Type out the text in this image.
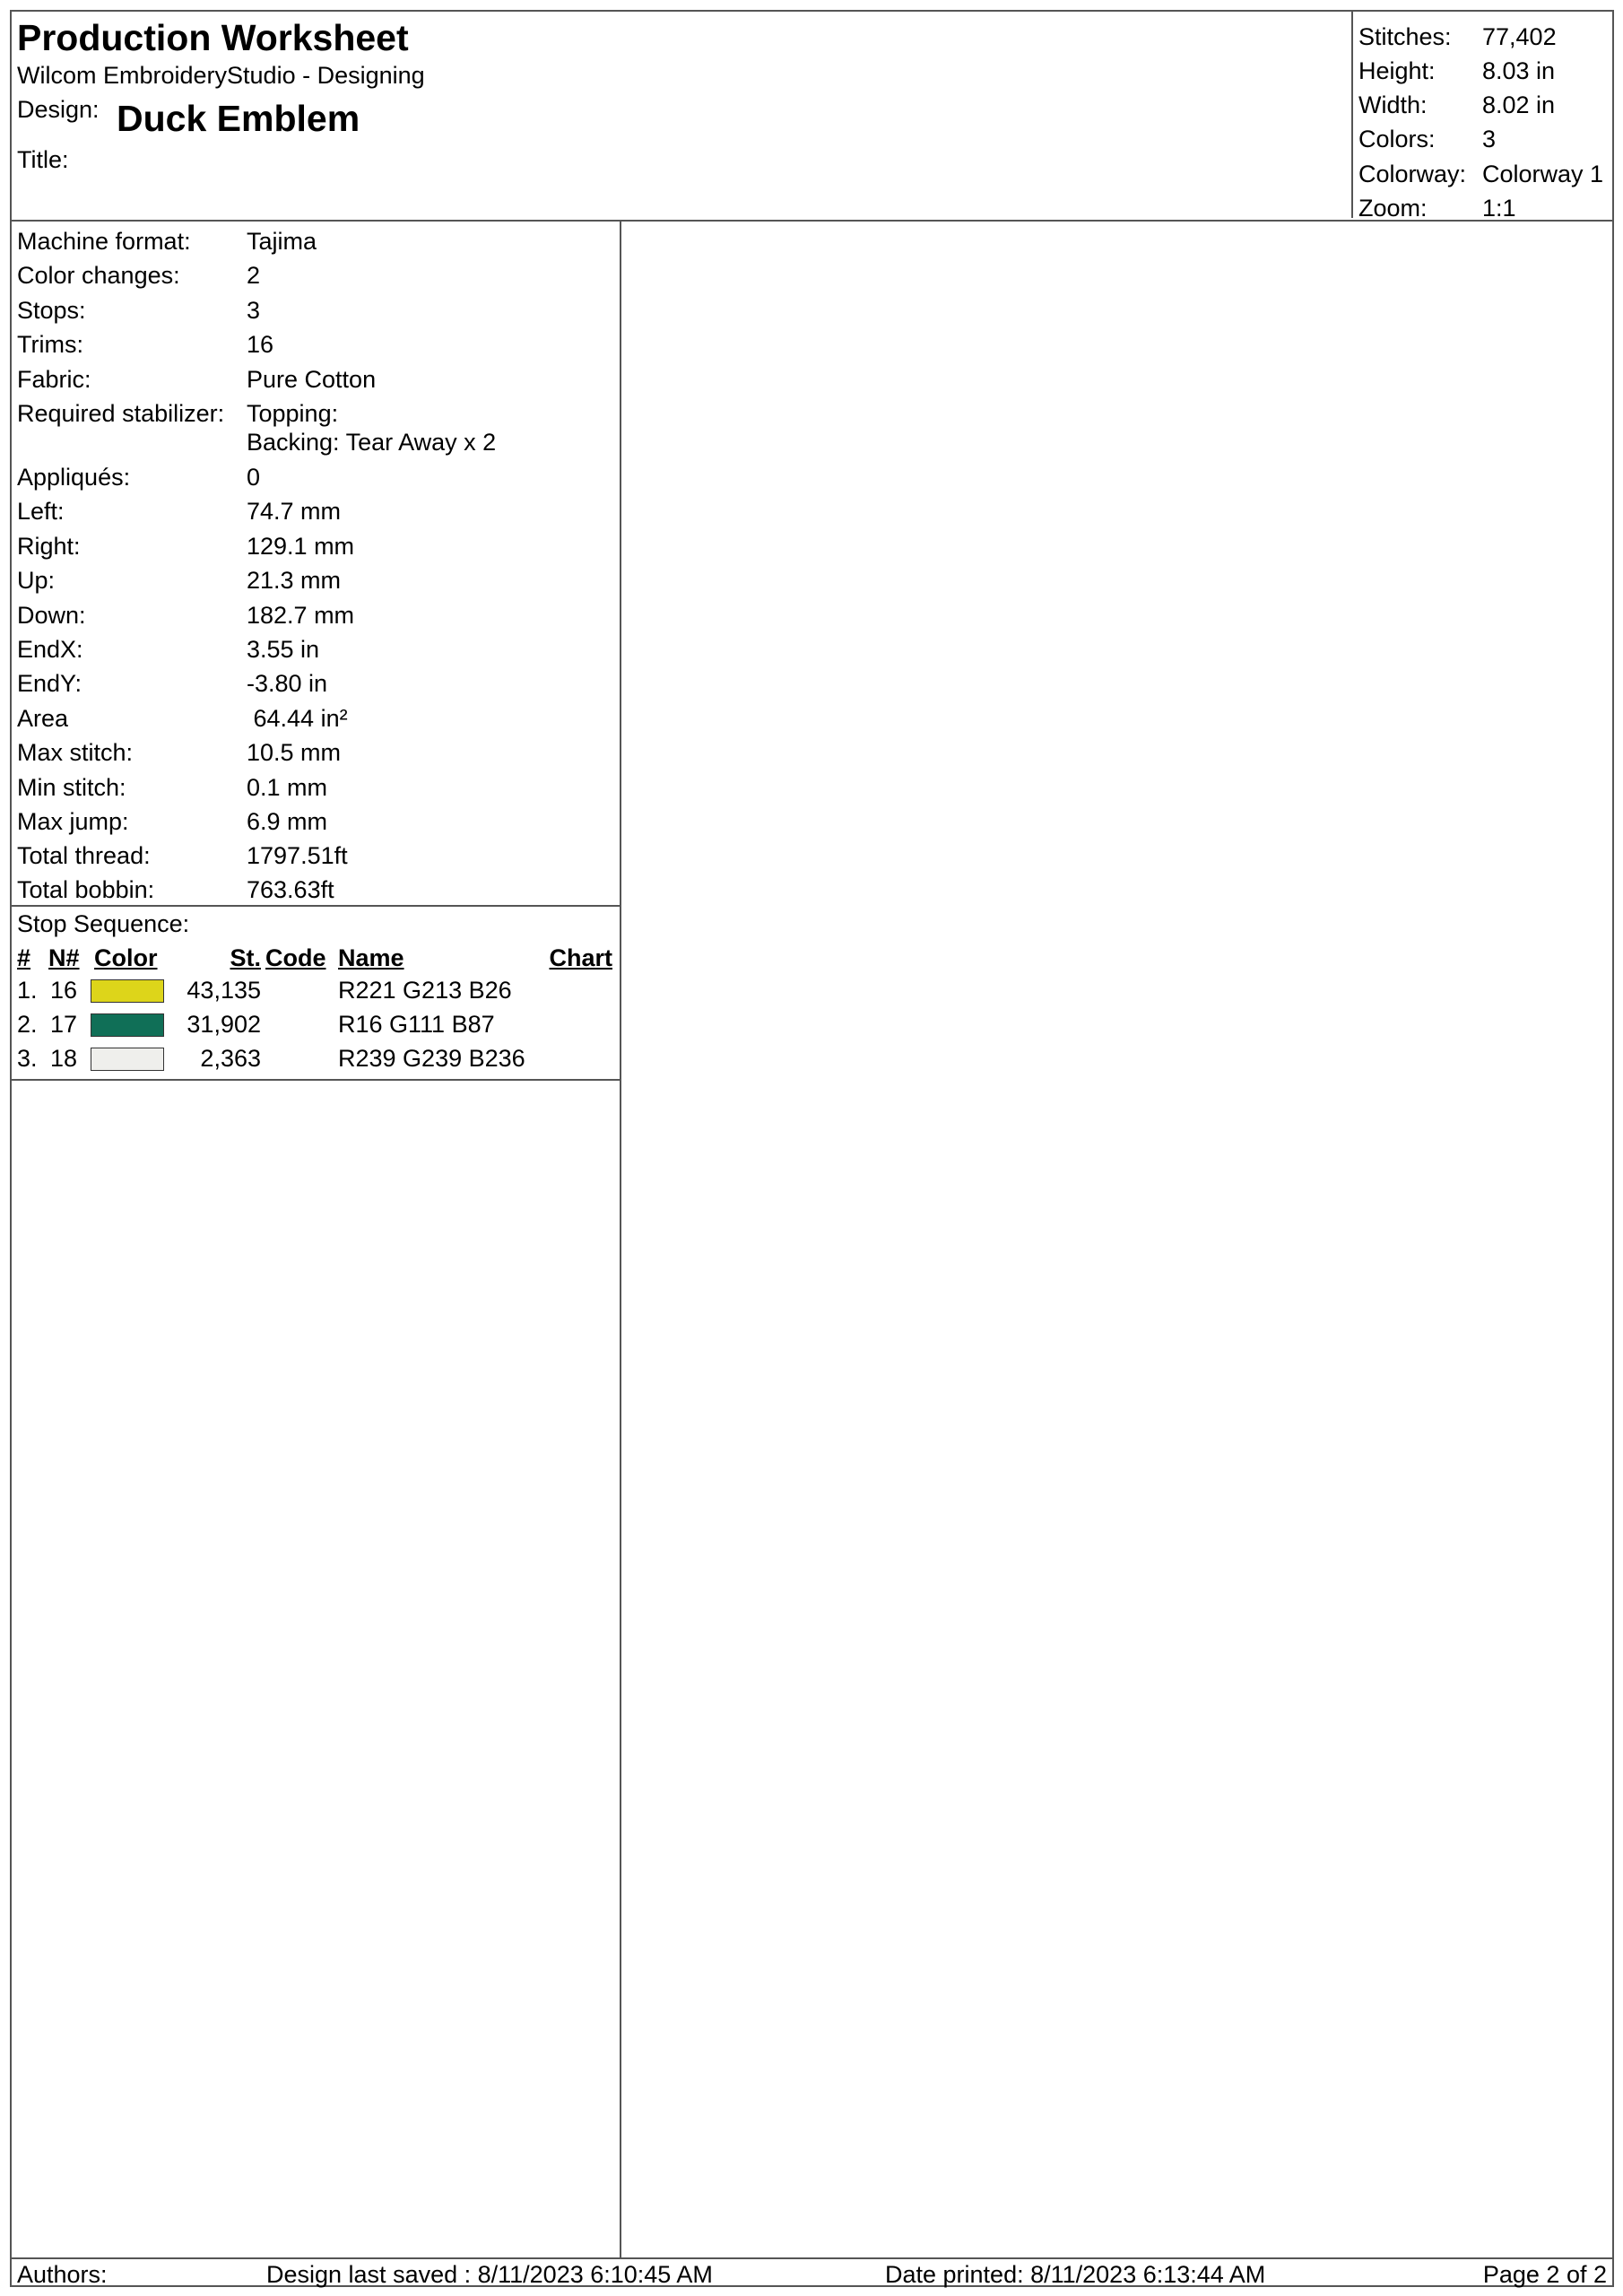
Production Worksheet
Wilcom EmbroideryStudio - Designing
Design: Duck Emblem
Title:
Stitches: 77,402
Height: 8.03 in
Width: 8.02 in
Colors: 3
Colorway: Colorway 1
Zoom: 1:1
Machine format: Tajima
Color changes:	2
Stops:	3
Trims:	16
Fabric:	Pure Cotton
Required stabilizer: Topping:
Backing: Tear Away x 2
Appliqués:	0
Left:	74.7 mm
Right:	129.1 mm
Up:	21.3 mm
Down:	182.7 mm
EndX:	3.55 in
EndY:	-3.80 in
Area	64.44 in²
Max stitch:	10.5 mm
Min stitch:	0.1 mm
Max jump:	6.9 mm
Total thread:	1797.51ft
Total bobbin:	763.63ft
Stop Sequence:
# N# Color	St. Code Name	Chart
1. 16	43,135	R221 G213 B26
2. 17	31,902	R16 G111 B87
3. 18	2,363	R239 G239 B236
Authors:	Design last saved : 8/11/2023 6:10:45 AM	Date printed: 8/11/2023 6:13:44 AM	Page 2 of 2
